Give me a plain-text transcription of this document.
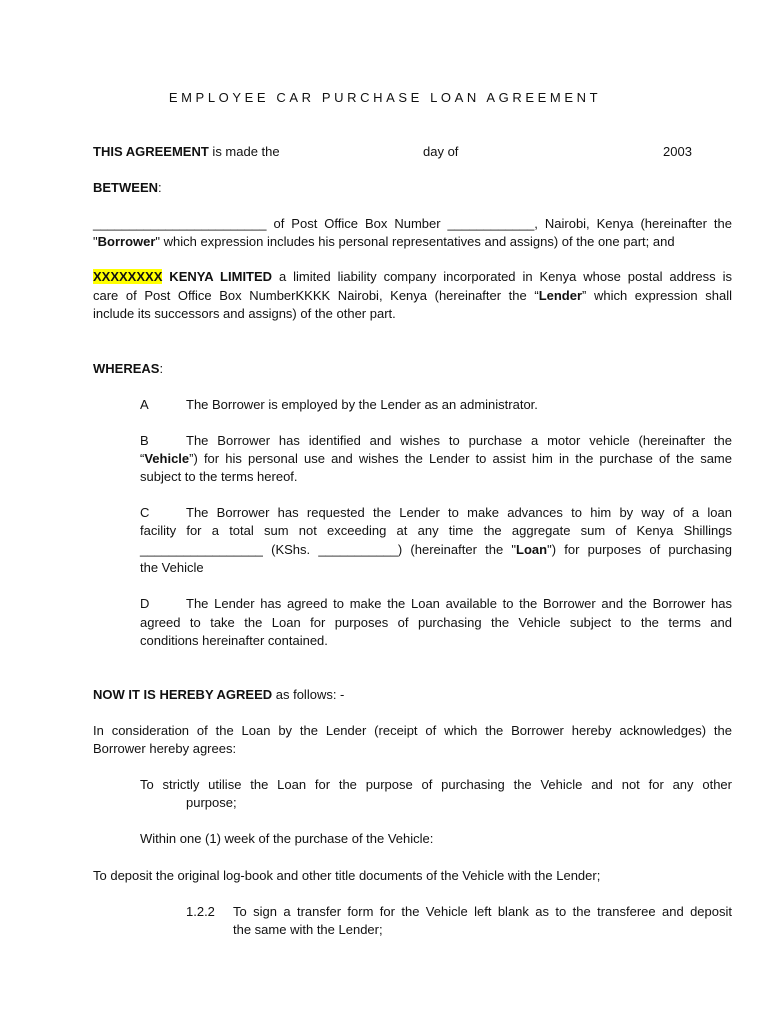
EMPLOYEE CAR PURCHASE LOAN AGREEMENT
THIS AGREEMENT is made the	day of	2003
BETWEEN:
________________________ of Post Office Box Number ____________, Nairobi, Kenya (hereinafter the
"Borrower" which expression includes his personal representatives and assigns) of the one part; and
XXXXXXXX KENYA LIMITED a limited liability company incorporated in Kenya whose postal address is
care of Post Office Box NumberKKKK Nairobi, Kenya (hereinafter the “Lender” which expression shall
include its successors and assigns) of the other part.
WHEREAS:
A	The Borrower is employed by the Lender as an administrator.
B	The Borrower has identified and wishes to purchase a motor vehicle (hereinafter the
“Vehicle”) for his personal use and wishes the Lender to assist him in the purchase of the same
subject to the terms hereof.
C	The Borrower has requested the Lender to make advances to him by way of a loan
facility for a total sum not exceeding at any time the aggregate sum of Kenya Shillings
_________________ (KShs. ___________) (hereinafter the "Loan") for purposes of purchasing
the Vehicle
D	The Lender has agreed to make the Loan available to the Borrower and the Borrower has
agreed to take the Loan for purposes of purchasing the Vehicle subject to the terms and
conditions hereinafter contained.
NOW IT IS HEREBY AGREED as follows: -
In consideration of the Loan by the Lender (receipt of which the Borrower hereby acknowledges) the
Borrower hereby agrees:
To strictly utilise the Loan for the purpose of purchasing the Vehicle and not for any other
purpose;
Within one (1) week of the purchase of the Vehicle:
To deposit the original log-book and other title documents of the Vehicle with the Lender;
1.2.2 To sign a transfer form for the Vehicle left blank as to the transferee and deposit
the same with the Lender;
